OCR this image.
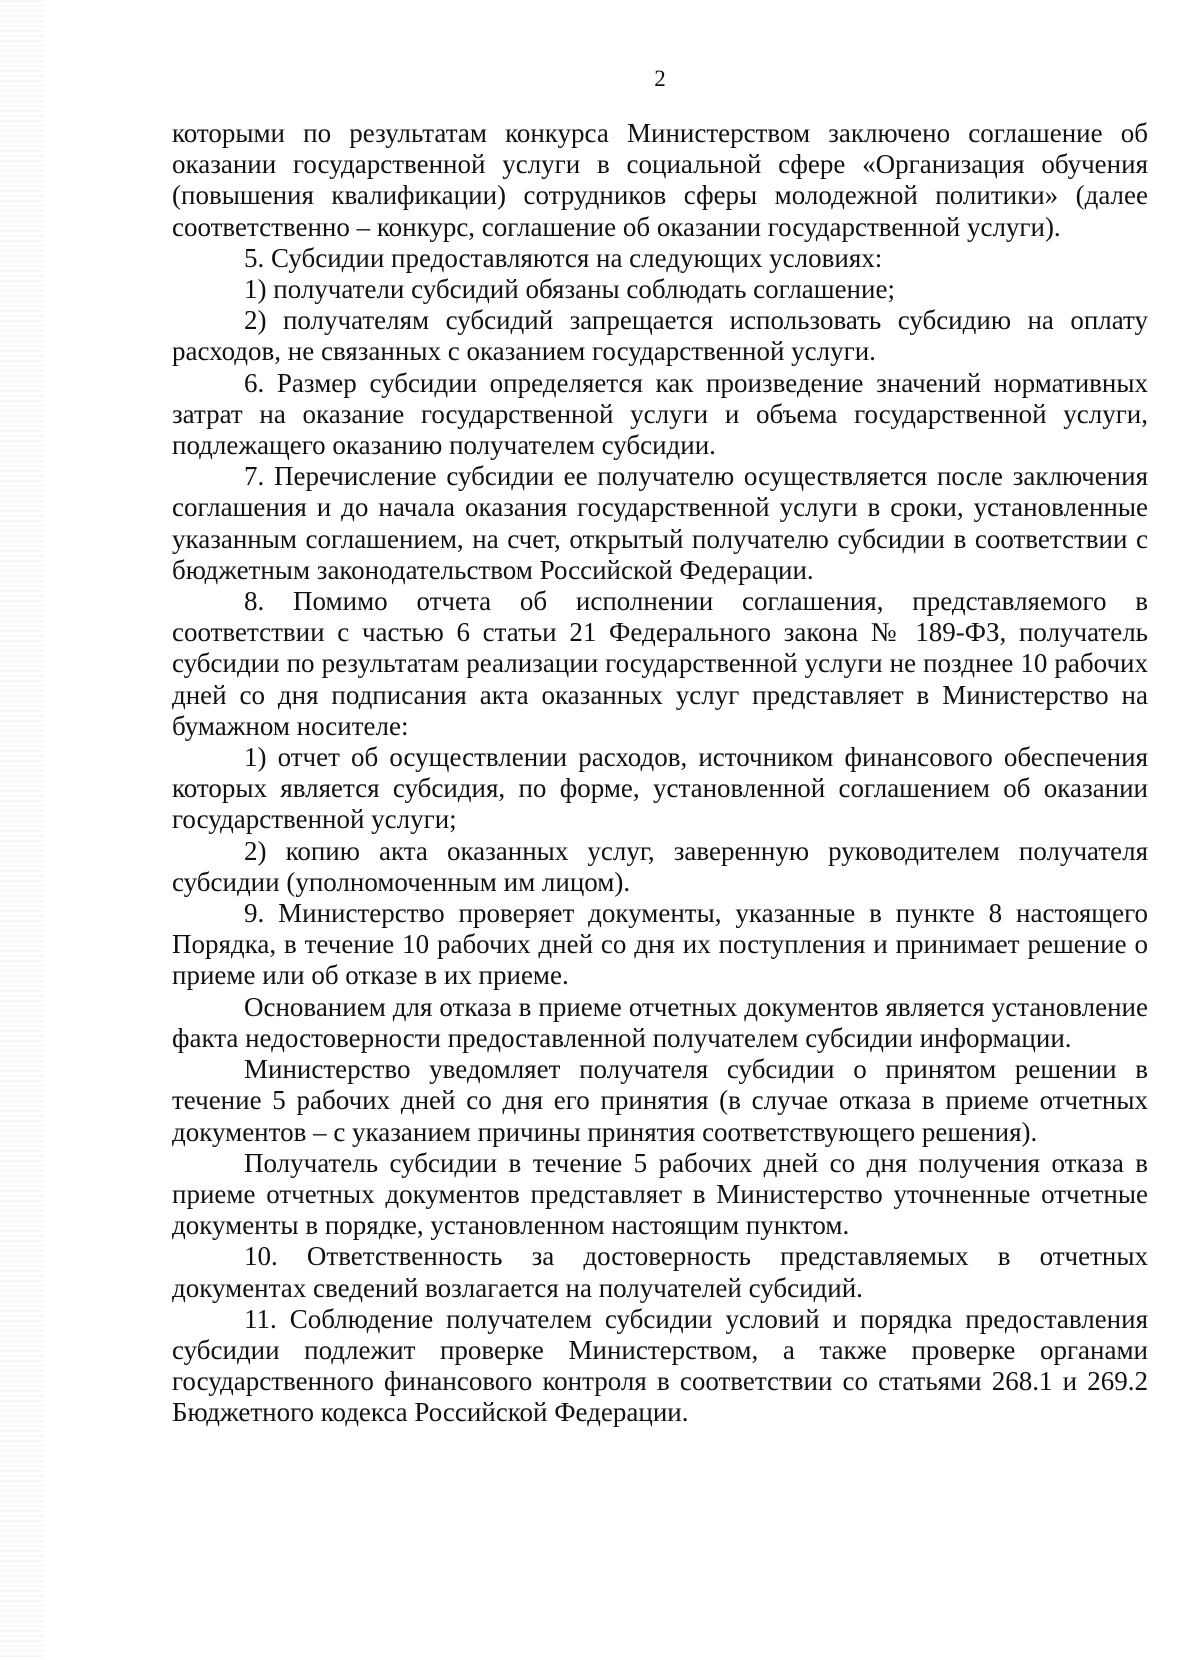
2

которыми по результатам конкурса Министерством заключено соглашение об оказании государственной услуги в социальной сфере «Организация обучения (повышения квалификации) сотрудников сферы молодежной политики» (далее соответственно – конкурс, соглашение об оказании государственной услуги).

5. Субсидии предоставляются на следующих условиях:

1) получатели субсидий обязаны соблюдать соглашение;

2) получателям субсидий запрещается использовать субсидию на оплату расходов, не связанных с оказанием государственной услуги.

6. Размер субсидии определяется как произведение значений нормативных затрат на оказание государственной услуги и объема государственной услуги, подлежащего оказанию получателем субсидии.

7. Перечисление субсидии ее получателю осуществляется после заключения соглашения и до начала оказания государственной услуги в сроки, установленные указанным соглашением, на счет, открытый получателю субсидии в соответствии с бюджетным законодательством Российской Федерации.

8. Помимо отчета об исполнении соглашения, представляемого в соответствии с частью 6 статьи 21 Федерального закона № 189-ФЗ, получатель субсидии по результатам реализации государственной услуги не позднее 10 рабочих дней со дня подписания акта оказанных услуг представляет в Министерство на бумажном носителе:

1) отчет об осуществлении расходов, источником финансового обеспечения которых является субсидия, по форме, установленной соглашением об оказании государственной услуги;

2) копию акта оказанных услуг, заверенную руководителем получателя субсидии (уполномоченным им лицом).

9. Министерство проверяет документы, указанные в пункте 8 настоящего Порядка, в течение 10 рабочих дней со дня их поступления и принимает решение о приеме или об отказе в их приеме.

Основанием для отказа в приеме отчетных документов является установление факта недостоверности предоставленной получателем субсидии информации.

Министерство уведомляет получателя субсидии о принятом решении в течение 5 рабочих дней со дня его принятия (в случае отказа в приеме отчетных документов – с указанием причины принятия соответствующего решения).

Получатель субсидии в течение 5 рабочих дней со дня получения отказа в приеме отчетных документов представляет в Министерство уточненные отчетные документы в порядке, установленном настоящим пунктом.

10. Ответственность за достоверность представляемых в отчетных документах сведений возлагается на получателей субсидий.

11. Соблюдение получателем субсидии условий и порядка предоставления субсидии подлежит проверке Министерством, а также проверке органами государственного финансового контроля в соответствии со статьями 268.1 и 269.2 Бюджетного кодекса Российской Федерации.
